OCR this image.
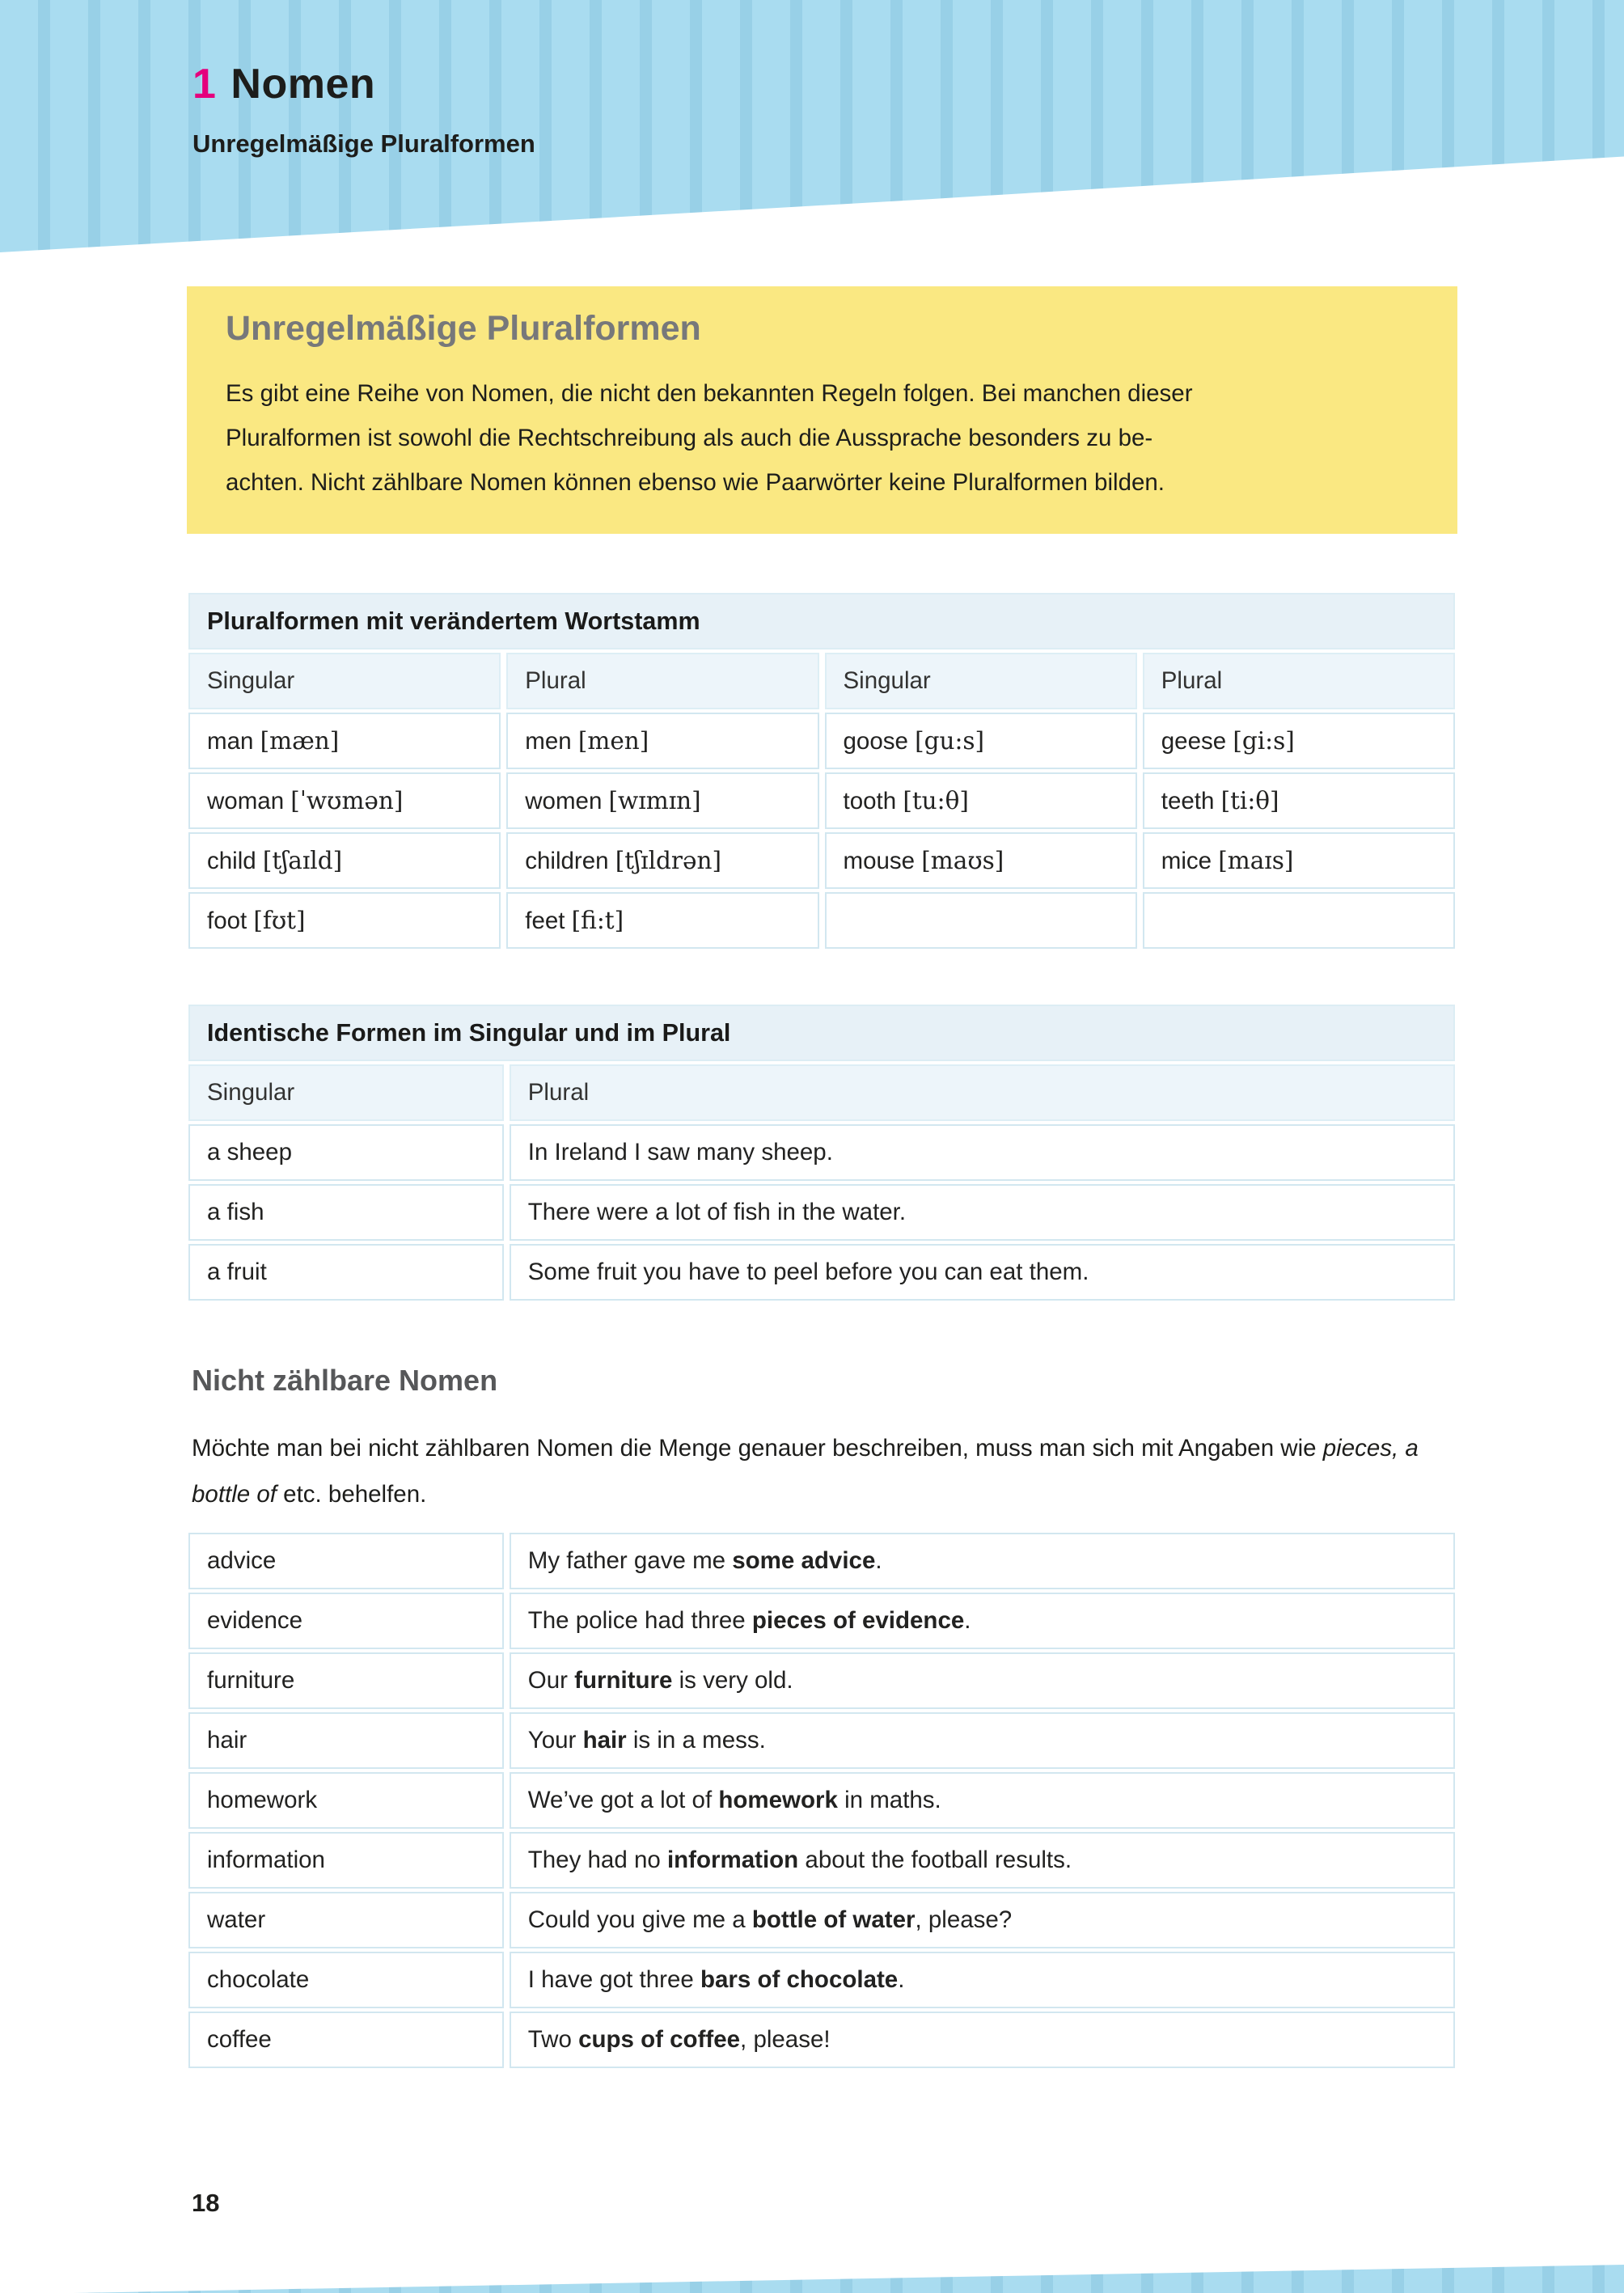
1 Nomen
Unregelmäßige Pluralformen
Unregelmäßige Pluralformen
Es gibt eine Reihe von Nomen, die nicht den bekannten Regeln folgen. Bei manchen dieser
Pluralformen ist sowohl die Rechtschreibung als auch die Aussprache besonders zu be-
achten. Nicht zählbare Nomen können ebenso wie Paarwörter keine Pluralformen bilden.
Pluralformen mit verändertem Wortstamm			
Singular	Plural	Singular	Plural
man [mæn]	men [men]	goose [gu:s]	geese [gi:s]
woman [ˈwʊmən]	women [wɪmɪn]	tooth [tu:θ]	teeth [ti:θ]
child [tʃaɪld]	children [tʃɪldrən]	mouse [maʊs]	mice [maɪs]
foot [fʊt]	feet [fi:t]		
Identische Formen im Singular und im Plural	
Singular	Plural
a sheep	In Ireland I saw many sheep.
a fish	There were a lot of fish in the water.
a fruit	Some fruit you have to peel before you can eat them.
Nicht zählbare Nomen
Möchte man bei nicht zählbaren Nomen die Menge genauer beschreiben, muss man sich mit Angaben wie pieces, a bottle of etc. behelfen.
advice	My father gave me some advice.
evidence	The police had three pieces of evidence.
furniture	Our furniture is very old.
hair	Your hair is in a mess.
homework	We’ve got a lot of homework in maths.
information	They had no information about the football results.
water	Could you give me a bottle of water, please?
chocolate	I have got three bars of chocolate.
coffee	Two cups of coffee, please!
18
